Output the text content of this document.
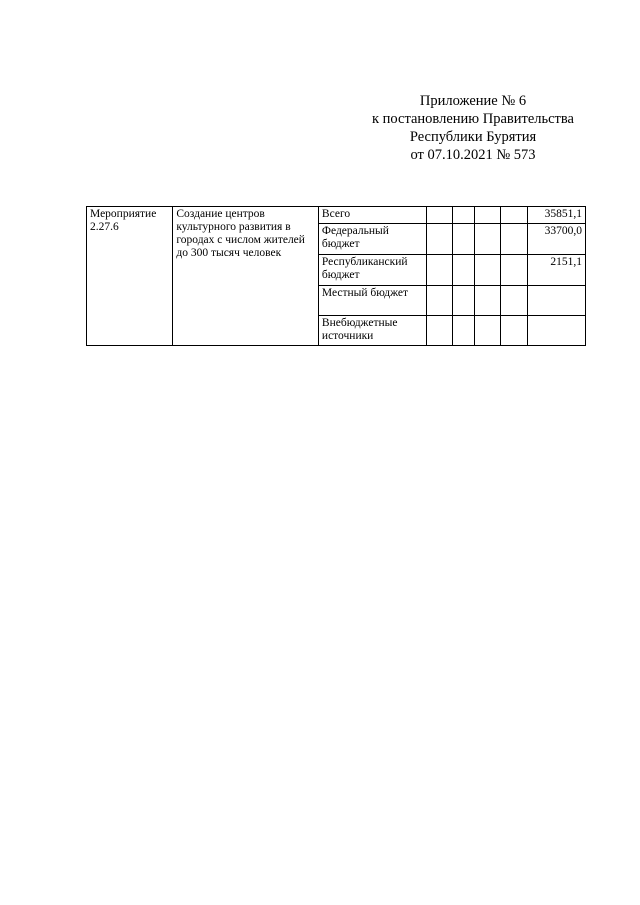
Приложение № 6
к постановлению Правительства
Республики Бурятия
от 07.10.2021 № 573
Мероприятие 2.27.6	Создание центров культурного развития в городах с числом жителей до 300 тысяч человек	Всего					35851,1
		Федеральный бюджет					33700,0
		Республиканский бюджет					2151,1
		Местный бюджет					
		Внебюджетные источники					
